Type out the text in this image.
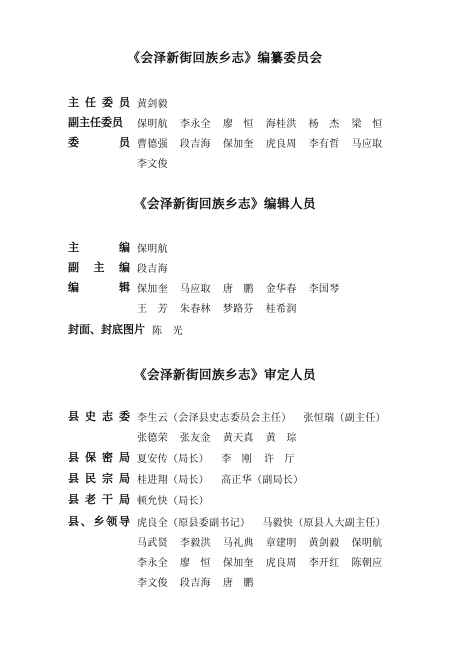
《会泽新街回族乡志》编纂委员会
主 任 委 员 黄剑毅
副主任委员 保明航 李永全 廖　恒 海桂洪 杨　杰 梁　恒
委	员 曹德强 段吉海 保加奎 虎良周 李有哲 马应取
李文俊
《会泽新街回族乡志》编辑人员
主	编 保明航
副 主 编 段吉海
编	辑 保加奎 马应取 唐　鹏 金华春 李国琴
王　芳 朱春林 梦路芬 桂希润
封面、封底图片 陈　光
《会泽新街回族乡志》审定人员
县 史 志 委 李生云（会泽县史志委员会主任） 张恒瑞（副主任）
张德荣 张友金 黄天真 黄　琮
县 保 密 局 夏安传（局长） 李　刚 许　厅
县 民 宗 局 桂进翔（局长） 高正华（副局长）
县 老 干 局 顿允快（局长）
县 、 乡 领 导 虎良全（原县委副书记） 马毅快（原县人大副主任）
马武贤 李毅洪 马礼典 章建明 黄剑毅 保明航
李永全 廖　恒 保加奎 虎良周 李开红 陈朝应
李文俊 段吉海 唐　鹏
